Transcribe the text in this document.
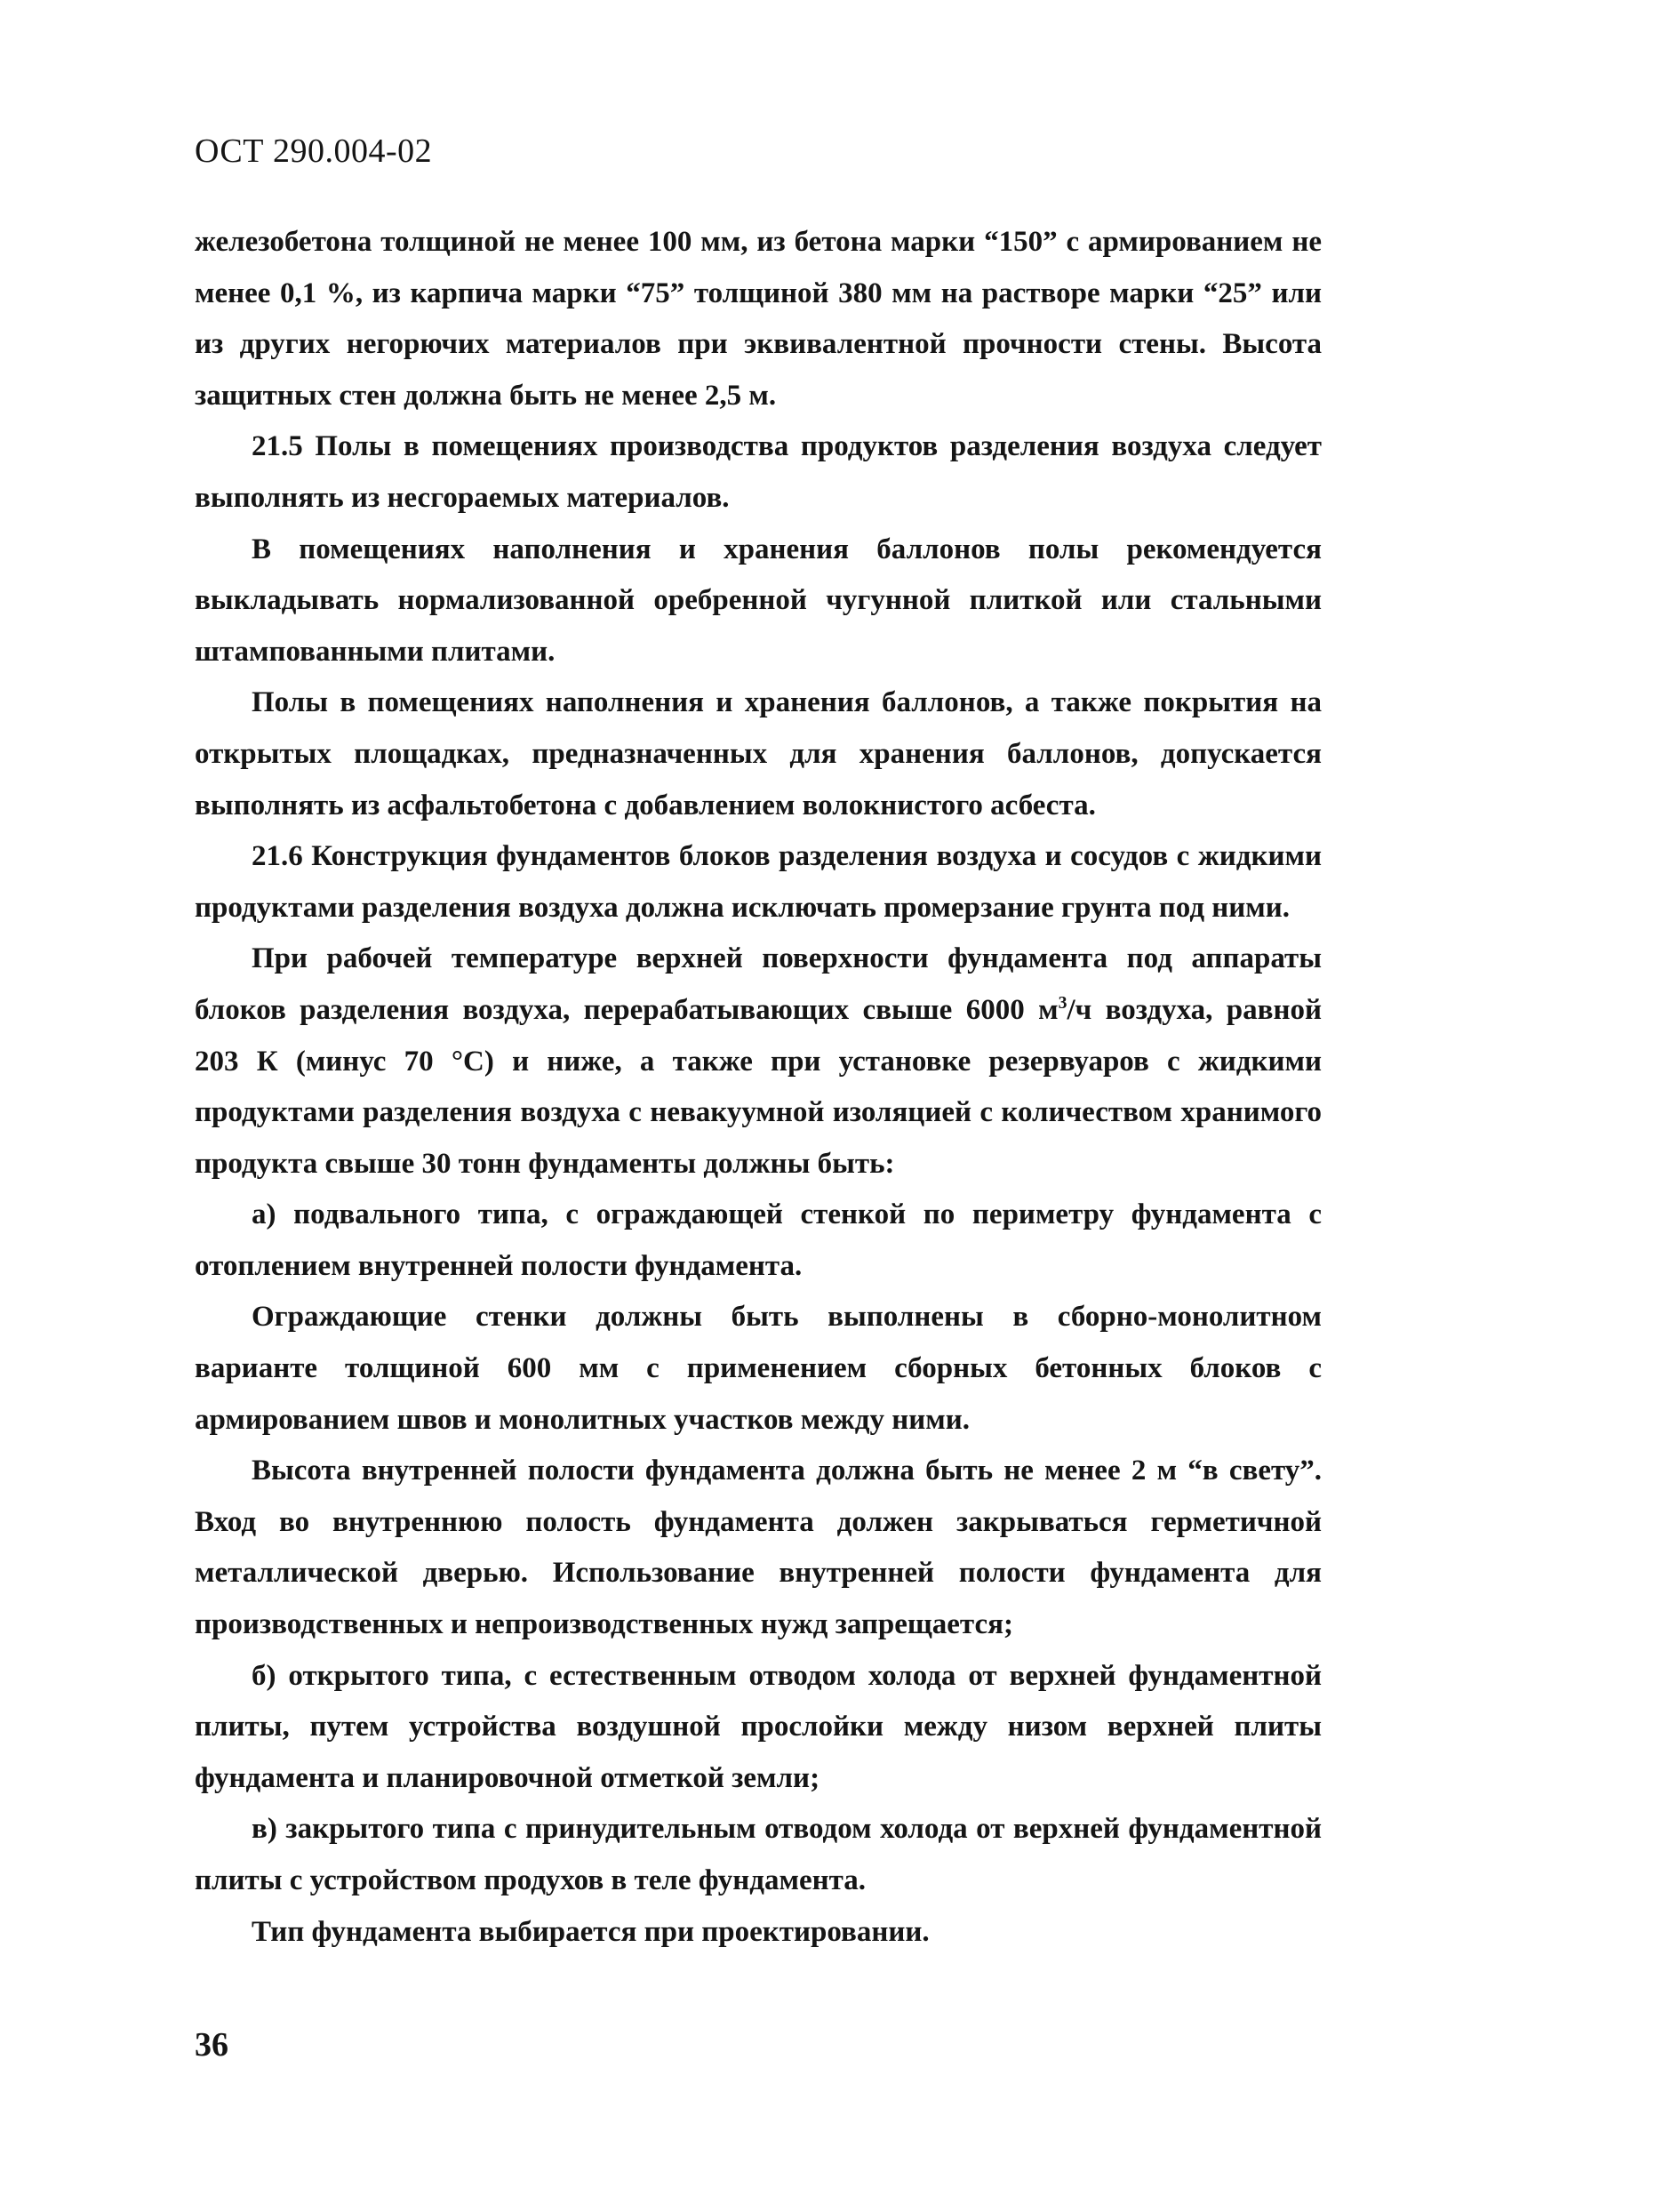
ОСТ 290.004-02

железобетона толщиной не менее 100 мм, из бетона марки “150” с армированием не менее 0,1 %, из карпича марки “75” толщиной 380 мм на растворе марки “25” или из других негорючих материалов при эквивалентной прочности стены. Высота защитных стен должна быть не менее 2,5 м.

21.5 Полы в помещениях производства продуктов разделения воздуха следует выполнять из несгораемых материалов.

В помещениях наполнения и хранения баллонов полы рекомендуется выкладывать нормализованной оребренной чугунной плиткой или стальными штампованными плитами.

Полы в помещениях наполнения и хранения баллонов, а также покрытия на открытых площадках, предназначенных для хранения баллонов, допускается выполнять из асфальтобетона с добавлением волокнистого асбеста.

21.6 Конструкция фундаментов блоков разделения воздуха и сосудов с жидкими продуктами разделения воздуха должна исключать промерзание грунта под ними.

При рабочей температуре верхней поверхности фундамента под аппараты блоков разделения воздуха, перерабатывающих свыше 6000 $м^3/ч$ воздуха, равной 203 К (минус 70 °С) и ниже, а также при установке резервуаров с жидкими продуктами разделения воздуха с невакуумной изоляцией с количеством хранимого продукта свыше 30 тонн фундаменты должны быть:

а) подвального типа, с ограждающей стенкой по периметру фундамента с отоплением внутренней полости фундамента.

Ограждающие стенки должны быть выполнены в сборно-монолитном варианте толщиной 600 мм с применением сборных бетонных блоков с армированием швов и монолитных участков между ними.

Высота внутренней полости фундамента должна быть не менее 2 м “в свету”. Вход во внутреннюю полость фундамента должен закрываться герметичной металлической дверью. Использование внутренней полости фундамента для производственных и непроизводственных нужд запрещается;

б) открытого типа, с естественным отводом холода от верхней фундаментной плиты, путем устройства воздушной прослойки между низом верхней плиты фундамента и планировочной отметкой земли;

в) закрытого типа с принудительным отводом холода от верхней фундаментной плиты с устройством продухов в теле фундамента.

Тип фундамента выбирается при проектировании.

36
